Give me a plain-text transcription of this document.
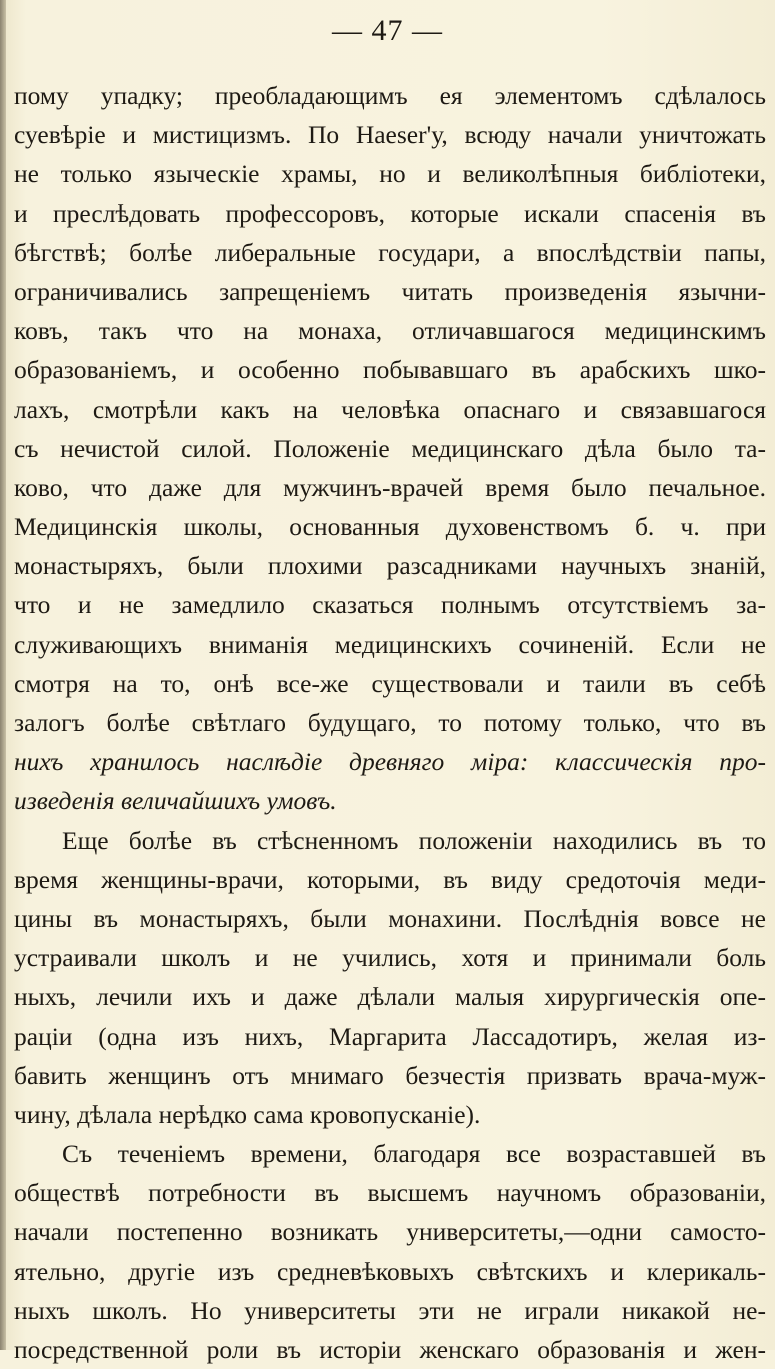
— 47 —
пому упадку; преобладающимъ ея элементомъ сдѣлалось
суевѣріе и мистицизмъ. По Haeser'у, всюду начали уничтожать
не только языческіе храмы, но и великолѣпныя библіотеки,
и преслѣдовать профессоровъ, которые искали спасенія въ
бѣгствѣ; болѣе либеральные государи, а впослѣдствіи папы,
ограничивались запрещеніемъ читать произведенія язычни-
ковъ, такъ что на монаха, отличавшагося медицинскимъ
образованіемъ, и особенно побывавшаго въ арабскихъ шко-
лахъ, смотрѣли какъ на человѣка опаснаго и связавшагося
съ нечистой силой. Положеніе медицинскаго дѣла было та-
ково, что даже для мужчинъ-врачей время было печальное.
Медицинскія школы, основанныя духовенствомъ б. ч. при
монастыряхъ, были плохими разсадниками научныхъ знаній,
что и не замедлило сказаться полнымъ отсутствіемъ за-
служивающихъ вниманія медицинскихъ сочиненій. Если не
смотря на то, онѣ все-же существовали и таили въ себѣ
залогъ болѣе свѣтлаго будущаго, то потому только, что въ
нихъ хранилось наслѣдіе древняго міра: классическія про-
изведенія величайшихъ умовъ.
Еще болѣе въ стѣсненномъ положеніи находились въ то
время женщины-врачи, которыми, въ виду средоточія меди-
цины въ монастыряхъ, были монахини. Послѣднія вовсе не
устраивали школъ и не учились, хотя и принимали боль
ныхъ, лечили ихъ и даже дѣлали малыя хирургическія опе-
раціи (одна изъ нихъ, Маргарита Лассадотиръ, желая из-
бавить женщинъ отъ мнимаго безчестія призвать врача-муж-
чину, дѣлала нерѣдко сама кровопусканіе).
Съ теченіемъ времени, благодаря все возраставшей въ
обществѣ потребности въ высшемъ научномъ образованіи,
начали постепенно возникать университеты,—одни самосто-
ятельно, другіе изъ средневѣковыхъ свѣтскихъ и клерикаль-
ныхъ школъ. Но университеты эти не играли никакой не-
посредственной роли въ исторіи женскаго образованія и жен-
